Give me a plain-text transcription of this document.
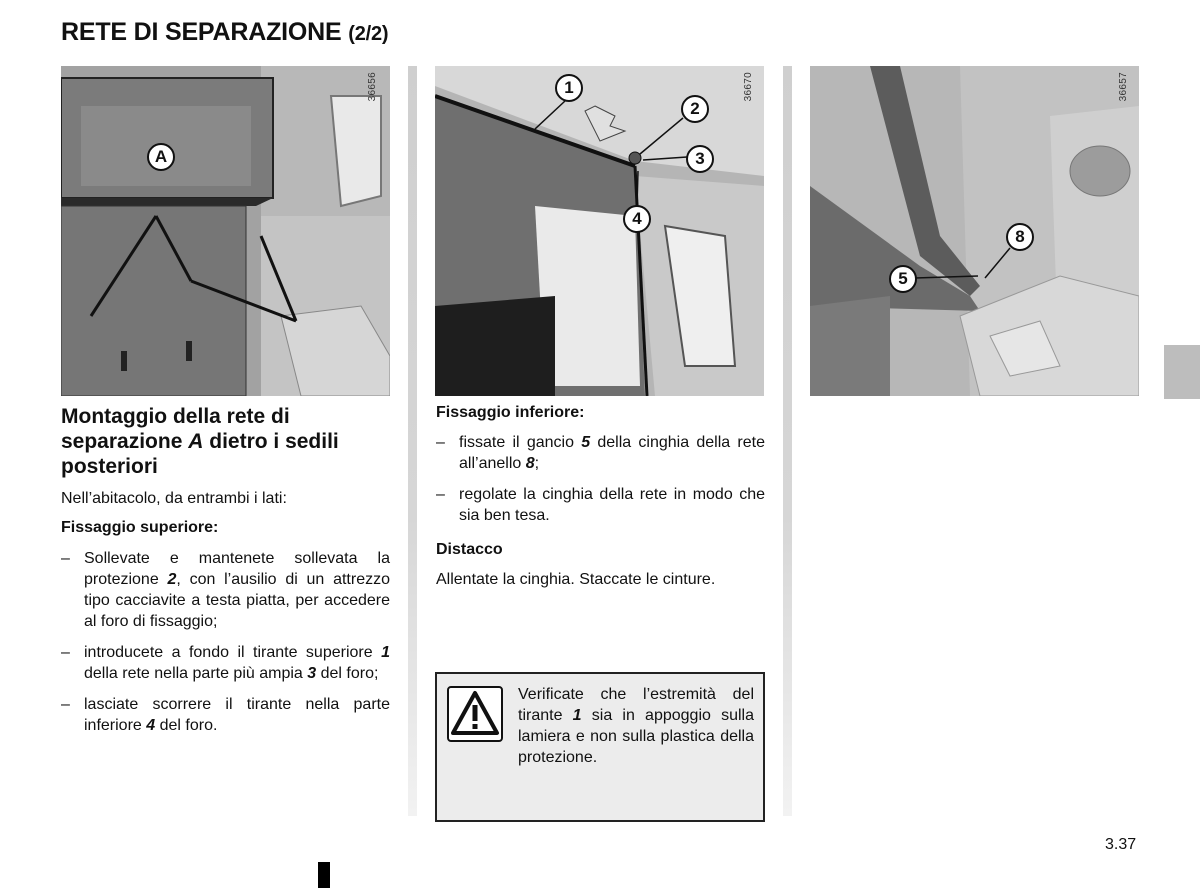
RETE DI SEPARAZIONE (2/2)
A
36656	1
2
3
4
36670
8
5
36657
Montaggio della rete di separazione A dietro i sedili posteriori
Nell’abitacolo, da entrambi i lati:
Fissaggio superiore:
– Sollevate e mantenete sollevata la protezione 2, con l’ausilio di un attrezzo tipo cacciavite a testa piatta, per accedere al foro di fissaggio;
– introducete a fondo il tirante superiore 1 della rete nella parte più ampia 3 del foro;
– lasciate scorrere il tirante nella parte inferiore 4 del foro.
Fissaggio inferiore:
– fissate il gancio 5 della cinghia della rete all’anello 8;
– regolate la cinghia della rete in modo che sia ben tesa.
Distacco
Allentate la cinghia. Staccate le cinture.
Verificate che l’estremità del tirante 1 sia in appoggio sulla lamiera e non sulla plastica della protezione.
3.37
